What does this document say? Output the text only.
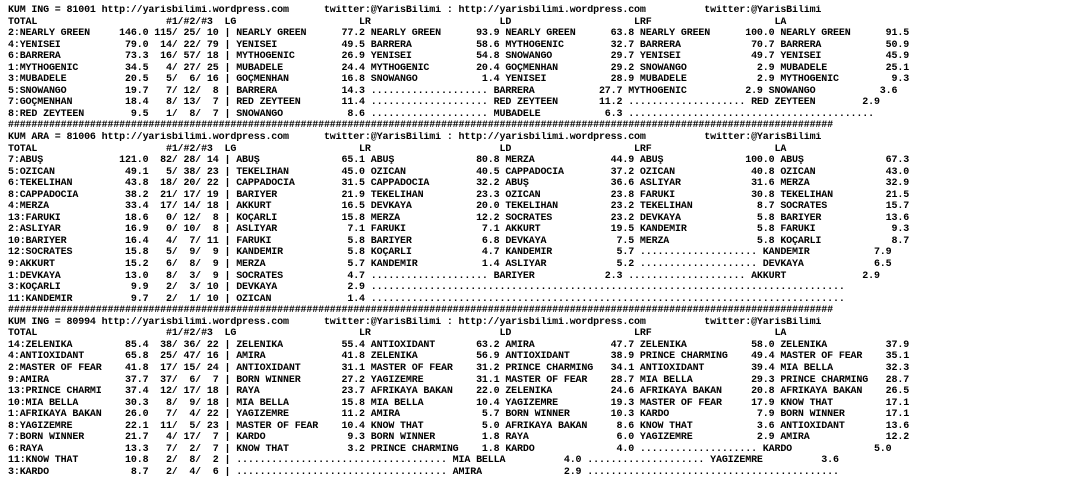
KUM ING = 81001 http://yarisbilimi.wordpress.com      twitter:@YarisBilimi : http://yarisbilimi.wordpress.com          twitter:@YarisBilimi
TOTAL                      #1/#2/#3  LG                     LR                      LD                     LRF                     LA
2:NEARLY GREEN     146.0 115/ 25/ 10 | NEARLY GREEN      77.2 NEARLY GREEN      93.9 NEARLY GREEN      63.8 NEARLY GREEN      100.0 NEARLY GREEN      91.5
4:YENİSEİ           79.0  14/ 22/ 79 | YENİSEİ           49.5 BARRERA           58.6 MYTHOGENIC        32.7 BARRERA            70.7 BARRERA           50.9
6:BARRERA           73.3  16/ 57/ 18 | MYTHOGENIC        26.9 YENİSEİ           54.8 SNOWANGO          29.7 YENİSEİ            49.7 YENİSEİ           45.9
1:MYTHOGENIC        34.5   4/ 27/ 25 | MÜBADELE          24.4 MYTHOGENIC        20.4 GÖÇMENHAN         29.2 SNOWANGO            2.9 MÜBADELE          25.1
3:MÜBADELE          20.5   5/  6/ 16 | GÖÇMENHAN         16.8 SNOWANGO           1.4 YENİSEİ           28.9 MÜBADELE            2.9 MYTHOGENIC         9.3
5:SNOWANGO          19.7   7/ 12/  8 | BARRERA           14.3 .................... BARRERA           27.7 MYTHOGENIC          2.9 SNOWANGO           3.6
7:GÖÇMENHAN         18.4   8/ 13/  7 | RED ZEYTEEN       11.4 .................... RED ZEYTEEN       11.2 .................... RED ZEYTEEN        2.9
8:RED ZEYTEEN        9.5   1/  8/  7 | SNOWANGO           8.6 .................... MÜBADELE           6.3 ..........................................
#############################################################################################################################################
KUM ARA = 81006 http://yarisbilimi.wordpress.com      twitter:@YarisBilimi : http://yarisbilimi.wordpress.com          twitter:@YarisBilimi
TOTAL                      #1/#2/#3  LG                     LR                      LD                     LRF                     LA
7:ABUŞ             121.0  82/ 28/ 14 | ABUŞ              65.1 ABUŞ              80.8 MERZA             44.9 ABUŞ              100.0 ABUŞ              67.3
5:OZİCAN            49.1   5/ 38/ 23 | TEKELİHAN         45.0 OZİCAN            40.5 CAPPADOCIA        37.2 OZİCAN             40.8 OZİCAN            43.0
6:TEKELİHAN         43.8  18/ 20/ 22 | CAPPADOCIA        31.5 CAPPADOCIA        32.2 ABUŞ              36.6 ASLIYAR            31.6 MERZA             32.9
8:CAPPADOCIA        38.2  21/ 17/ 19 | BARİYER           21.9 TEKELİHAN         23.3 OZİCAN            23.8 FARUKİ             30.8 TEKELİHAN         21.5
4:MERZA             33.4  17/ 14/ 18 | AKKURT            16.5 DEVKAYA           20.0 TEKELİHAN         23.2 TEKELİHAN           8.7 SOCRATES          15.7
13:FARUKİ           18.6   0/ 12/  8 | KOÇARLI           15.8 MERZA             12.2 SOCRATES          23.2 DEVKAYA             5.8 BARİYER           13.6
2:ASLIYAR           16.9   0/ 10/  8 | ASLIYAR            7.1 FARUKİ             7.1 AKKURT            19.5 KANDEMİR            5.8 FARUKİ             9.3
10:BARİYER          16.4   4/  7/ 11 | FARUKİ             5.8 BARİYER            6.8 DEVKAYA            7.5 MERZA               5.8 KOÇARLI            8.7
12:SOCRATES         15.8   5/  9/  9 | KANDEMİR           5.8 KOÇARLI            4.7 KANDEMİR           5.7 .................... KANDEMİR           7.9
9:AKKURT            15.2   6/  8/  9 | MERZA              5.7 KANDEMİR           1.4 ASLIYAR            5.2 .................... DEVKAYA            6.5
1:DEVKAYA           13.0   8/  3/  9 | SOCRATES           4.7 .................... BARİYER            2.3 .................... AKKURT             2.9
3:KOÇARLI            9.9   2/  3/ 10 | DEVKAYA            2.9 .................................................................................
11:KANDEMİR          9.7   2/  1/ 10 | OZİCAN             1.4 .................................................................................
#############################################################################################################################################
KUM ING = 80994 http://yarisbilimi.wordpress.com      twitter:@YarisBilimi : http://yarisbilimi.wordpress.com          twitter:@YarisBilimi
TOTAL                      #1/#2/#3  LG                     LR                      LD                     LRF                     LA
14:ZELENİKA         85.4  38/ 36/ 22 | ZELENİKA          55.4 ANTIOXIDANT       63.2 AMİRA             47.7 ZELENİKA           58.0 ZELENİKA          37.9
4:ANTIOXIDANT       65.8  25/ 47/ 16 | AMİRA             41.8 ZELENİKA          56.9 ANTIOXIDANT       38.9 PRINCE CHARMING    49.4 MASTER OF FEAR    35.1
2:MASTER OF FEAR    41.8  17/ 15/ 24 | ANTIOXIDANT       31.1 MASTER OF FEAR    31.2 PRINCE CHARMING   34.1 ANTIOXIDANT        39.4 MIA BELLA         32.3
9:AMİRA             37.7  37/  6/  7 | BORN WINNER       27.2 YAĞIZEMRE         31.1 MASTER OF FEAR    28.7 MIA BELLA          29.3 PRINCE CHARMING   28.7
13:PRINCE CHARMI    37.4  12/ 17/ 18 | RAYA              23.7 AFRİKAYA BAKAN    22.0 ZELENİKA          24.6 AFRİKAYA BAKAN     20.8 AFRİKAYA BAKAN    26.5
10:MIA BELLA        30.3   8/  9/ 18 | MIA BELLA         15.8 MIA BELLA         10.4 YAĞIZEMRE         19.3 MASTER OF FEAR     17.9 KNOW THAT         17.1
1:AFRİKAYA BAKAN    26.0   7/  4/ 22 | YAĞIZEMRE         11.2 AMİRA              5.7 BORN WINNER       10.3 KARDO               7.9 BORN WINNER       17.1
8:YAĞIZEMRE         22.1  11/  5/ 23 | MASTER OF FEAR    10.4 KNOW THAT          5.0 AFRİKAYA BAKAN     8.6 KNOW THAT           3.6 ANTIOXIDANT       13.6
7:BORN WINNER       21.7   4/ 17/  7 | KARDO              9.3 BORN WINNER        1.8 RAYA               6.0 YAĞIZEMRE           2.9 AMİRA             12.2
6:RAYA              13.3   7/  2/  7 | KNOW THAT          3.2 PRINCE CHARMING    1.8 KARDO              4.0 .................... KARDO              5.0
11:KNOW THAT        10.8   2/  8/  2 | .................................... MIA BELLA          4.0 .................... YAĞIZEMRE          3.6
3:KARDO              8.7   2/  4/  6 | .................................... AMİRA              2.9 ...........................................
